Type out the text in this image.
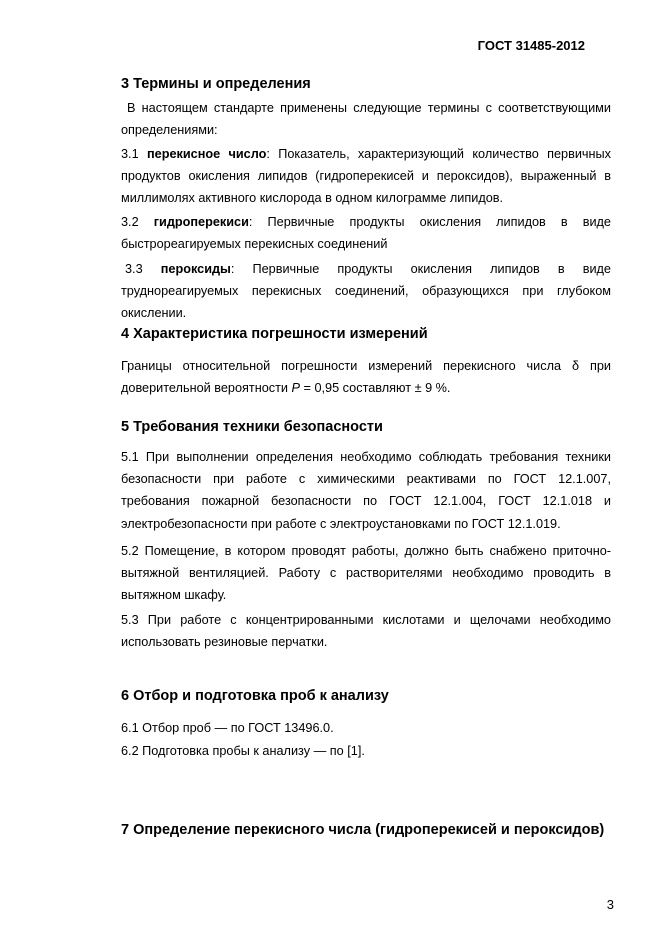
ГОСТ 31485-2012
3 Термины и определения

В настоящем стандарте применены следующие термины с соответствующими определениями:

3.1 перекисное число: Показатель, характеризующий количество первичных продуктов окисления липидов (гидроперекисей и пероксидов), выраженный в миллимолях активного кислорода в одном килограмме липидов.

3.2 гидроперекиси: Первичные продукты окисления липидов в виде быстрореагируемых перекисных соединений

3.3 пероксиды: Первичные продукты окисления липидов в виде труднореагируемых перекисных соединений, образующихся при глубоком окислении.

4 Характеристика погрешности измерений

Границы относительной погрешности измерений перекисного числа δ при доверительной вероятности P = 0,95 составляют ± 9 %.

5 Требования техники безопасности

5.1 При выполнении определения необходимо соблюдать требования техники безопасности при работе с химическими реактивами по ГОСТ 12.1.007, требования пожарной безопасности по ГОСТ 12.1.004, ГОСТ 12.1.018 и электробезопасности при работе с электроустановками по ГОСТ 12.1.019.

5.2 Помещение, в котором проводят работы, должно быть снабжено приточно-вытяжной вентиляцией. Работу с растворителями необходимо проводить в вытяжном шкафу.

5.3 При работе с концентрированными кислотами и щелочами необходимо использовать резиновые перчатки.

6 Отбор и подготовка проб к анализу

6.1 Отбор проб — по ГОСТ 13496.0.

6.2 Подготовка пробы к анализу — по [1].

7 Определение перекисного числа (гидроперекисей и пероксидов)
3
